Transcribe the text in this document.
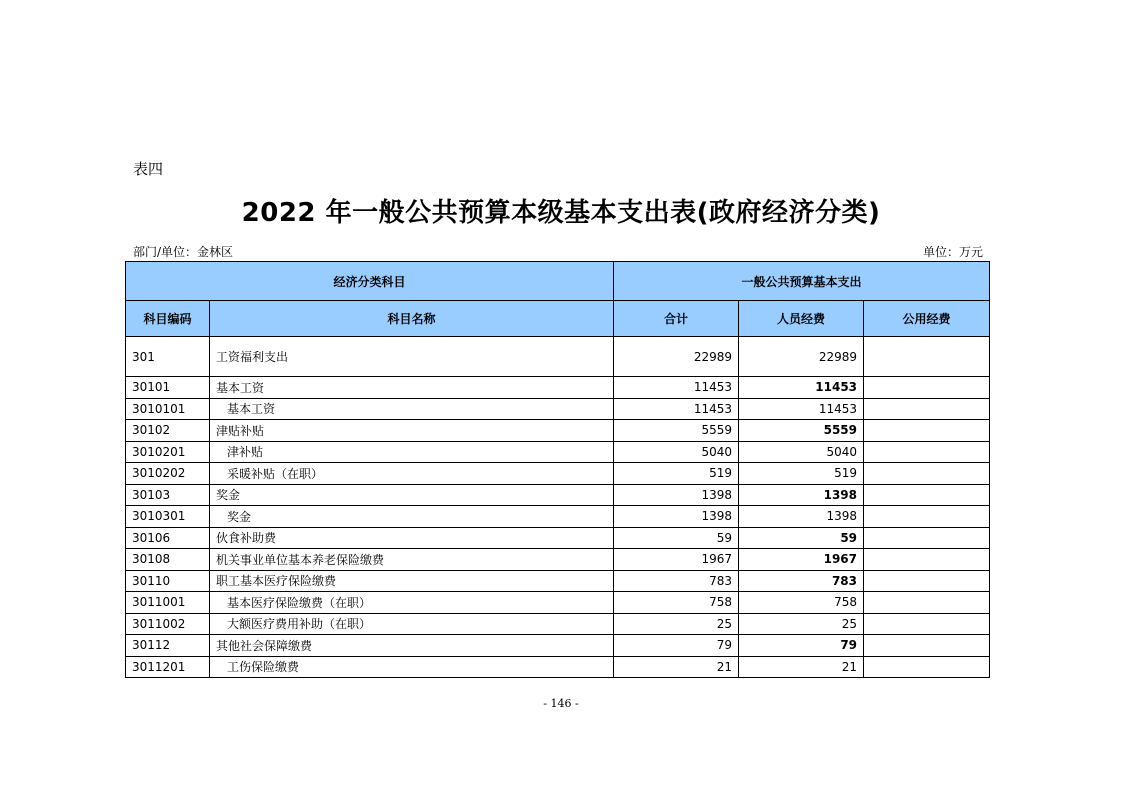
表四
2022 年一般公共预算本级基本支出表(政府经济分类)
部门/单位：金林区	单位：万元
经济分类科目		一般公共预算基本支出		
科目编码	科目名称	合计	人员经费	公用经费
301	工资福利支出	22989	22989	
30101	基本工资	11453	11453	
3010101	基本工资	11453	11453	
30102	津贴补贴	5559	5559	
3010201	津补贴	5040	5040	
3010202	采暖补贴（在职）	519	519	
30103	奖金	1398	1398	
3010301	奖金	1398	1398	
30106	伙食补助费	59	59	
30108	机关事业单位基本养老保险缴费	1967	1967	
30110	职工基本医疗保险缴费	783	783	
3011001	基本医疗保险缴费（在职）	758	758	
3011002	大额医疗费用补助（在职）	25	25	
30112	其他社会保障缴费	79	79	
3011201	工伤保险缴费	21	21	
- 146 -
